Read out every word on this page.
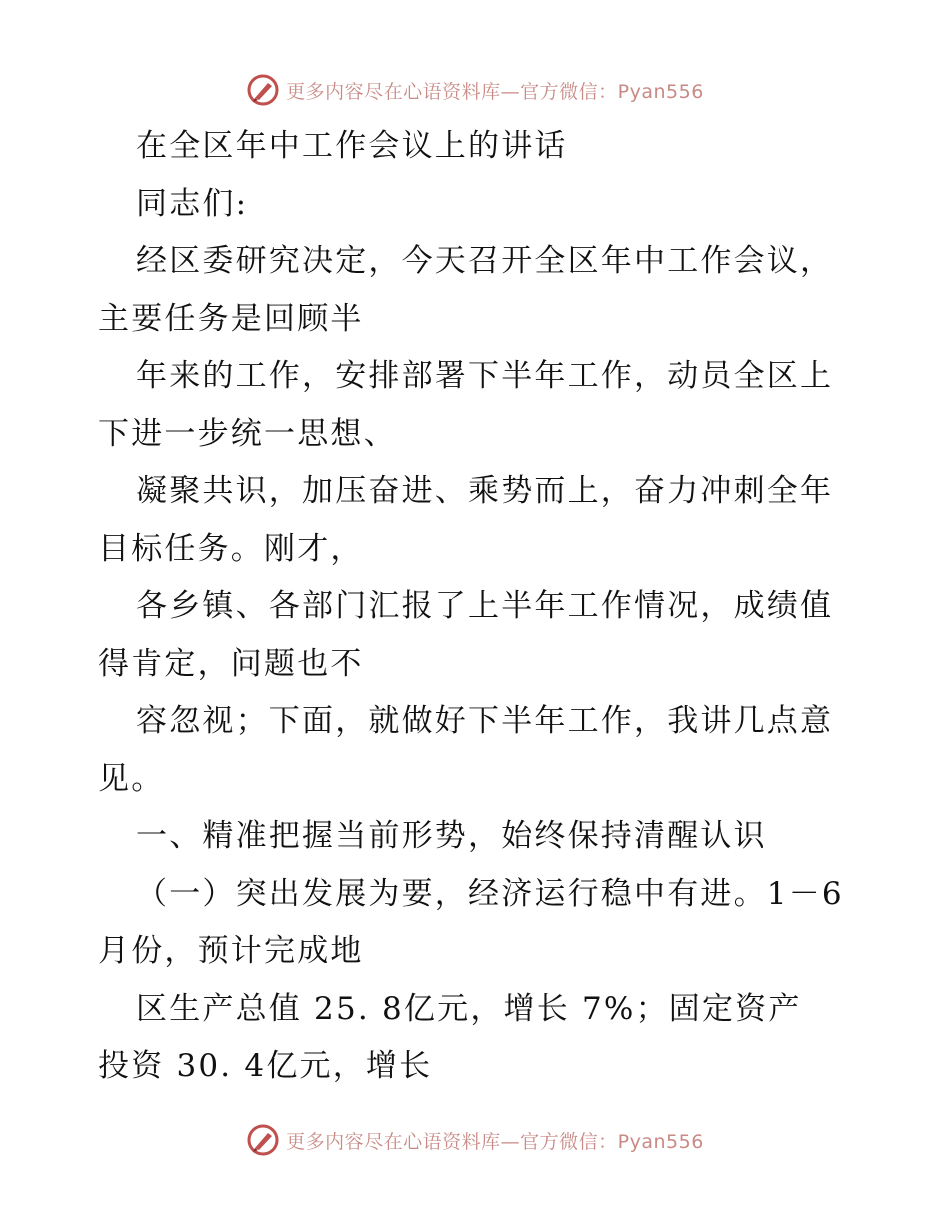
更多内容尽在心语资料库—官方微信：Pyan556
在全区年中工作会议上的讲话
同志们:
经区委研究决定，今天召开全区年中工作会议，
主要任务是回顾半
年来的工作，安排部署下半年工作，动员全区上
下进一步统一思想、
凝聚共识，加压奋进、乘势而上，奋力冲刺全年
目标任务。刚才，
各乡镇、各部门汇报了上半年工作情况，成绩值
得肯定，问题也不
容忽视；下面，就做好下半年工作，我讲几点意
见。
一、精准把握当前形势，始终保持清醒认识
（一）突出发展为要，经济运行稳中有进。1－6
月份，预计完成地
区生产总值 25. 8亿元，增长 7%；固定资产
投资 30. 4亿元，增长
更多内容尽在心语资料库—官方微信：Pyan556
